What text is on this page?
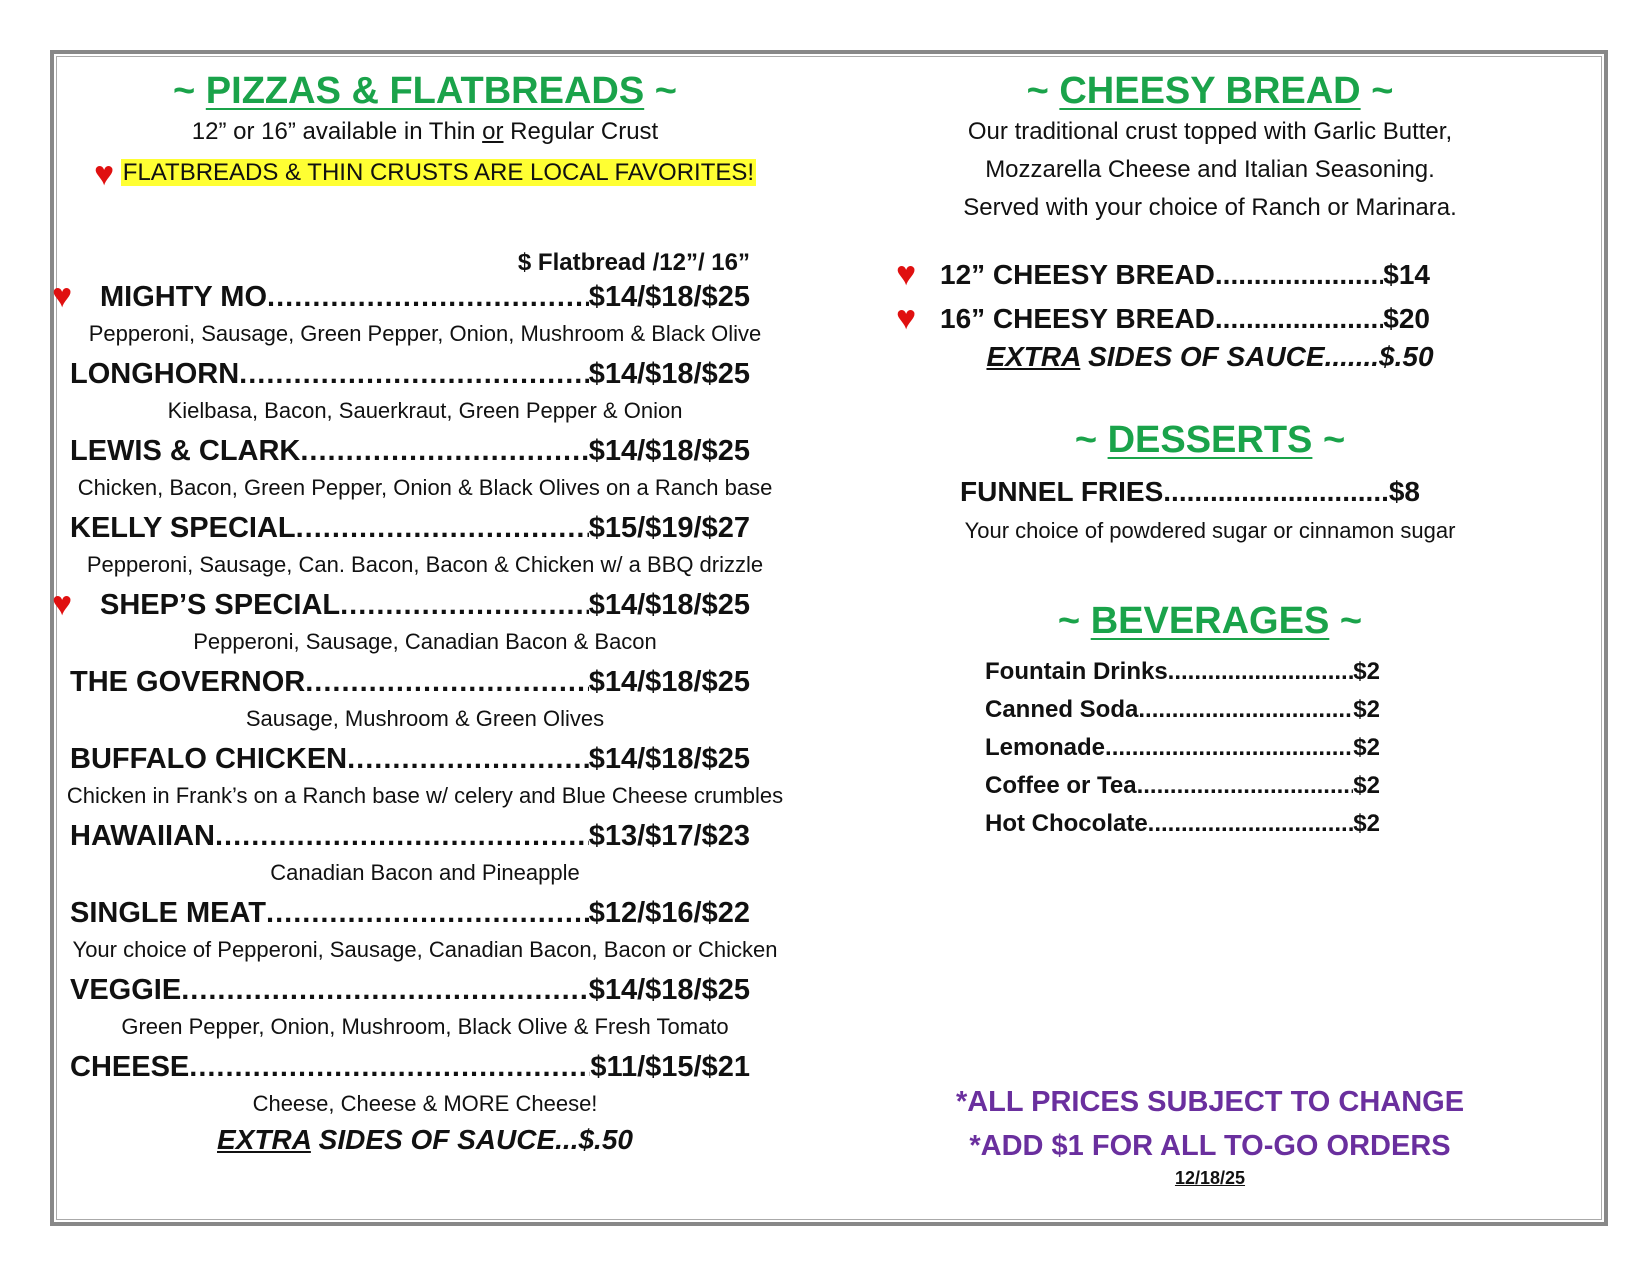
~ PIZZAS & FLATBREADS ~
12” or 16” available in Thin or Regular Crust
♥ FLATBREADS & THIN CRUSTS ARE LOCAL FAVORITES!
$ Flatbread /12”/ 16”
♥ MIGHTY MO .....	$14/$18/$25
Pepperoni, Sausage, Green Pepper, Onion, Mushroom & Black Olive
LONGHORN .....	$14/$18/$25
Kielbasa, Bacon, Sauerkraut, Green Pepper & Onion
LEWIS & CLARK .....	$14/$18/$25
Chicken, Bacon, Green Pepper, Onion & Black Olives on a Ranch base
KELLY SPECIAL .....	$15/$19/$27
Pepperoni, Sausage, Can. Bacon, Bacon & Chicken w/ a BBQ drizzle
♥ SHEP’S SPECIAL .....	$14/$18/$25
Pepperoni, Sausage, Canadian Bacon & Bacon
THE GOVERNOR .....	$14/$18/$25
Sausage, Mushroom & Green Olives
BUFFALO CHICKEN .....	$14/$18/$25
Chicken in Frank’s on a Ranch base w/ celery and Blue Cheese crumbles
HAWAIIAN .....	$13/$17/$23
Canadian Bacon and Pineapple
SINGLE MEAT .....	$12/$16/$22
Your choice of Pepperoni, Sausage, Canadian Bacon, Bacon or Chicken
VEGGIE .....	$14/$18/$25
Green Pepper, Onion, Mushroom, Black Olive & Fresh Tomato
CHEESE .....	$11/$15/$21
Cheese, Cheese & MORE Cheese!
EXTRA SIDES OF SAUCE...$.50
~ CHEESY BREAD ~
Our traditional crust topped with Garlic Butter,
Mozzarella Cheese and Italian Seasoning.
Served with your choice of Ranch or Marinara.
♥ 12” CHEESY BREAD .....	$14
♥ 16” CHEESY BREAD .....	$20
EXTRA SIDES OF SAUCE.......$.50
~ DESSERTS ~
FUNNEL FRIES .....	$8
Your choice of powdered sugar or cinnamon sugar
~ BEVERAGES ~
Fountain Drinks .....	$2
Canned Soda .....	$2
Lemonade .....	$2
Coffee or Tea .....	$2
Hot Chocolate .....	$2
*ALL PRICES SUBJECT TO CHANGE
*ADD $1 FOR ALL TO-GO ORDERS
12/18/25
